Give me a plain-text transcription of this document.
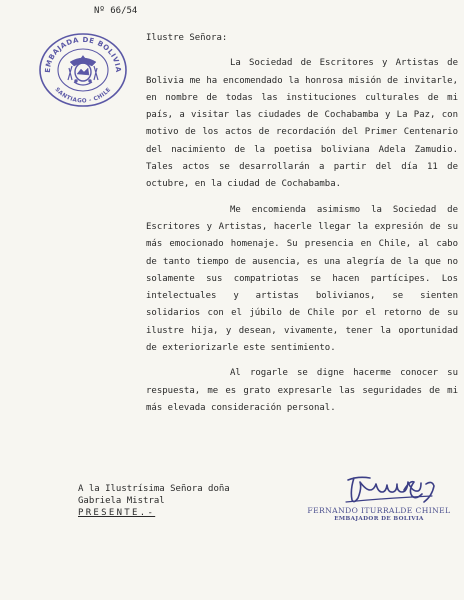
Nº 66/54
EMBAJADA DE BOLIVIA
SANTIAGO - CHILE

Ilustre Señora:

La Sociedad de Escritores y Artistas de Bolivia me ha encomendado la honrosa misión de invitarle, en nombre de todas las instituciones culturales de mi país, a visitar las ciudades de Cochabamba y La Paz, con motivo de los actos de recordación del Primer Centenario del nacimiento de la poetisa boliviana Adela Zamudio. Tales actos se desarrollarán a partir del día 11 de octubre, en la ciudad de Cochabamba.

Me encomienda asimismo la Sociedad de Escritores y Artistas, hacerle llegar la expresión de su más emocionado homenaje. Su presencia en Chile, al cabo de tanto tiempo de ausencia, es una alegría de la que no solamente sus compatriotas se hacen partícipes. Los intelectuales y artistas bolivianos, se sienten solidarios con el júbilo de Chile por el retorno de su ilustre hija, y desean, vivamente, tener la oportunidad de exteriorizarle este sentimiento.

Al rogarle se digne hacerme conocer su respuesta, me es grato expresarle las seguridades de mi más elevada consideración personal.

A la Ilustrísima Señora doña
Gabriela Mistral
PRESENTE.-	FERNANDO ITURRALDE CHINEL
EMBAJADOR DE BOLIVIA
